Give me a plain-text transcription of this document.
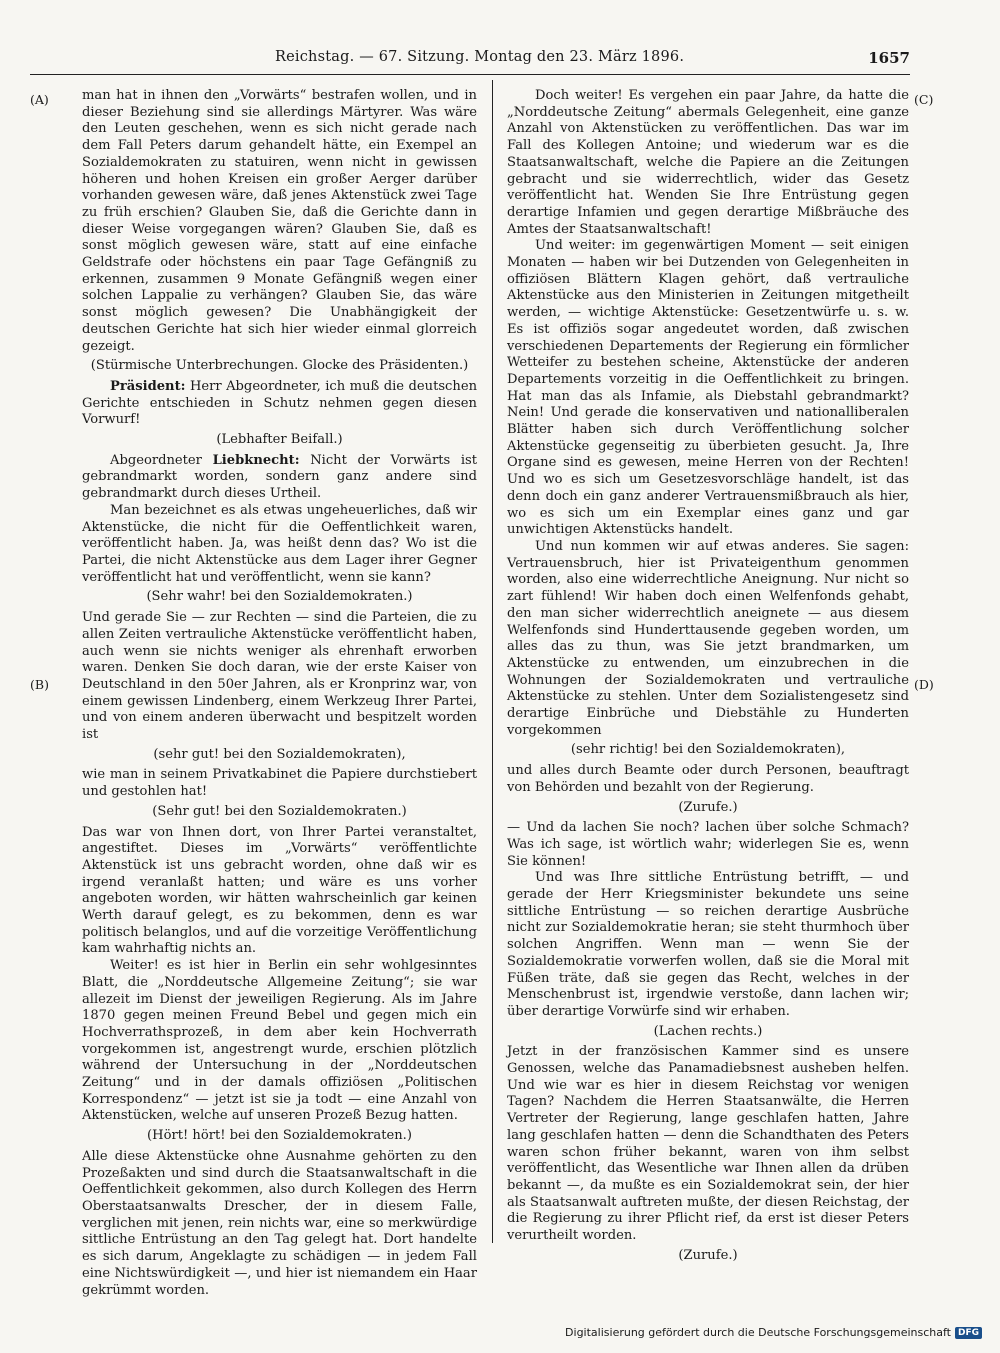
Reichstag. — 67. Sitzung. Montag den 23. März 1896.	1657
(A)
(B)
(C)
(D)

man hat in ihnen den „Vorwärts“ bestrafen wollen, und in dieser Beziehung sind sie allerdings Märtyrer. Was wäre den Leuten geschehen, wenn es sich nicht gerade nach dem Fall Peters darum gehandelt hätte, ein Exempel an Sozialdemokraten zu statuiren, wenn nicht in gewissen höheren und hohen Kreisen ein großer Aerger darüber vorhanden gewesen wäre, daß jenes Aktenstück zwei Tage zu früh erschien? Glauben Sie, daß die Gerichte dann in dieser Weise vorgegangen wären? Glauben Sie, daß es sonst möglich gewesen wäre, statt auf eine einfache Geldstrafe oder höchstens ein paar Tage Gefängniß zu erkennen, zusammen 9 Monate Gefängniß wegen einer solchen Lappalie zu verhängen? Glauben Sie, das wäre sonst möglich gewesen? Die Unabhängigkeit der deutschen Gerichte hat sich hier wieder einmal glorreich gezeigt.

(Stürmische Unterbrechungen. Glocke des Präsidenten.)

Präsident: Herr Abgeordneter, ich muß die deutschen Gerichte entschieden in Schutz nehmen gegen diesen Vorwurf!

(Lebhafter Beifall.)

Abgeordneter Liebknecht: Nicht der Vorwärts ist gebrandmarkt worden, sondern ganz andere sind gebrandmarkt durch dieses Urtheil.

Man bezeichnet es als etwas ungeheuerliches, daß wir Aktenstücke, die nicht für die Oeffentlichkeit waren, veröffentlicht haben. Ja, was heißt denn das? Wo ist die Partei, die nicht Aktenstücke aus dem Lager ihrer Gegner veröffentlicht hat und veröffentlicht, wenn sie kann?

(Sehr wahr! bei den Sozialdemokraten.)

Und gerade Sie — zur Rechten — sind die Parteien, die zu allen Zeiten vertrauliche Aktenstücke veröffentlicht haben, auch wenn sie nichts weniger als ehrenhaft erworben waren. Denken Sie doch daran, wie der erste Kaiser von Deutschland in den 50er Jahren, als er Kronprinz war, von einem gewissen Lindenberg, einem Werkzeug Ihrer Partei, und von einem anderen überwacht und bespitzelt worden ist

(sehr gut! bei den Sozialdemokraten),

wie man in seinem Privatkabinet die Papiere durchstiebert und gestohlen hat!

(Sehr gut! bei den Sozialdemokraten.)

Das war von Ihnen dort, von Ihrer Partei veranstaltet, angestiftet. Dieses im „Vorwärts“ veröffentlichte Aktenstück ist uns gebracht worden, ohne daß wir es irgend veranlaßt hatten; und wäre es uns vorher angeboten worden, wir hätten wahrscheinlich gar keinen Werth darauf gelegt, es zu bekommen, denn es war politisch belanglos, und auf die vorzeitige Veröffentlichung kam wahrhaftig nichts an.

Weiter! es ist hier in Berlin ein sehr wohlgesinntes Blatt, die „Norddeutsche Allgemeine Zeitung“; sie war allezeit im Dienst der jeweiligen Regierung. Als im Jahre 1870 gegen meinen Freund Bebel und gegen mich ein Hochverrathsprozeß, in dem aber kein Hochverrath vorgekommen ist, angestrengt wurde, erschien plötzlich während der Untersuchung in der „Norddeutschen Zeitung“ und in der damals offiziösen „Politischen Korrespondenz“ — jetzt ist sie ja todt — eine Anzahl von Aktenstücken, welche auf unseren Prozeß Bezug hatten.

(Hört! hört! bei den Sozialdemokraten.)

Alle diese Aktenstücke ohne Ausnahme gehörten zu den Prozeßakten und sind durch die Staatsanwaltschaft in die Oeffentlichkeit gekommen, also durch Kollegen des Herrn Oberstaatsanwalts Drescher, der in diesem Falle, verglichen mit jenen, rein nichts war, eine so merkwürdige sittliche Entrüstung an den Tag gelegt hat. Dort handelte es sich darum, Angeklagte zu schädigen — in jedem Fall eine Nichtswürdigkeit —, und hier ist niemandem ein Haar gekrümmt worden.

Doch weiter! Es vergehen ein paar Jahre, da hatte die „Norddeutsche Zeitung“ abermals Gelegenheit, eine ganze Anzahl von Aktenstücken zu veröffentlichen. Das war im Fall des Kollegen Antoine; und wiederum war es die Staatsanwaltschaft, welche die Papiere an die Zeitungen gebracht und sie widerrechtlich, wider das Gesetz veröffentlicht hat. Wenden Sie Ihre Entrüstung gegen derartige Infamien und gegen derartige Mißbräuche des Amtes der Staatsanwaltschaft!

Und weiter: im gegenwärtigen Moment — seit einigen Monaten — haben wir bei Dutzenden von Gelegenheiten in offiziösen Blättern Klagen gehört, daß vertrauliche Aktenstücke aus den Ministerien in Zeitungen mitgetheilt werden, — wichtige Aktenstücke: Gesetzentwürfe u. s. w. Es ist offiziös sogar angedeutet worden, daß zwischen verschiedenen Departements der Regierung ein förmlicher Wetteifer zu bestehen scheine, Aktenstücke der anderen Departements vorzeitig in die Oeffentlichkeit zu bringen. Hat man das als Infamie, als Diebstahl gebrandmarkt? Nein! Und gerade die konservativen und nationalliberalen Blätter haben sich durch Veröffentlichung solcher Aktenstücke gegenseitig zu überbieten gesucht. Ja, Ihre Organe sind es gewesen, meine Herren von der Rechten! Und wo es sich um Gesetzesvorschläge handelt, ist das denn doch ein ganz anderer Vertrauensmißbrauch als hier, wo es sich um ein Exemplar eines ganz und gar unwichtigen Aktenstücks handelt.

Und nun kommen wir auf etwas anderes. Sie sagen: Vertrauensbruch, hier ist Privateigenthum genommen worden, also eine widerrechtliche Aneignung. Nur nicht so zart fühlend! Wir haben doch einen Welfenfonds gehabt, den man sicher widerrechtlich aneignete — aus diesem Welfenfonds sind Hunderttausende gegeben worden, um alles das zu thun, was Sie jetzt brandmarken, um Aktenstücke zu entwenden, um einzubrechen in die Wohnungen der Sozialdemokraten und vertrauliche Aktenstücke zu stehlen. Unter dem Sozialistengesetz sind derartige Einbrüche und Diebstähle zu Hunderten vorgekommen

(sehr richtig! bei den Sozialdemokraten),

und alles durch Beamte oder durch Personen, beauftragt von Behörden und bezahlt von der Regierung.

(Zurufe.)

— Und da lachen Sie noch? lachen über solche Schmach? Was ich sage, ist wörtlich wahr; widerlegen Sie es, wenn Sie können!

Und was Ihre sittliche Entrüstung betrifft, — und gerade der Herr Kriegsminister bekundete uns seine sittliche Entrüstung — so reichen derartige Ausbrüche nicht zur Sozialdemokratie heran; sie steht thurmhoch über solchen Angriffen. Wenn man — wenn Sie der Sozialdemokratie vorwerfen wollen, daß sie die Moral mit Füßen träte, daß sie gegen das Recht, welches in der Menschenbrust ist, irgendwie verstoße, dann lachen wir; über derartige Vorwürfe sind wir erhaben.

(Lachen rechts.)

Jetzt in der französischen Kammer sind es unsere Genossen, welche das Panamadiebsnest ausheben helfen. Und wie war es hier in diesem Reichstag vor wenigen Tagen? Nachdem die Herren Staatsanwälte, die Herren Vertreter der Regierung, lange geschlafen hatten, Jahre lang geschlafen hatten — denn die Schandthaten des Peters waren schon früher bekannt, waren von ihm selbst veröffentlicht, das Wesentliche war Ihnen allen da drüben bekannt —, da mußte es ein Sozialdemokrat sein, der hier als Staatsanwalt auftreten mußte, der diesen Reichstag, der die Regierung zu ihrer Pflicht rief, da erst ist dieser Peters verurtheilt worden.

(Zurufe.)

Digitalisierung gefördert durch die Deutsche Forschungsgemeinschaft DFG
